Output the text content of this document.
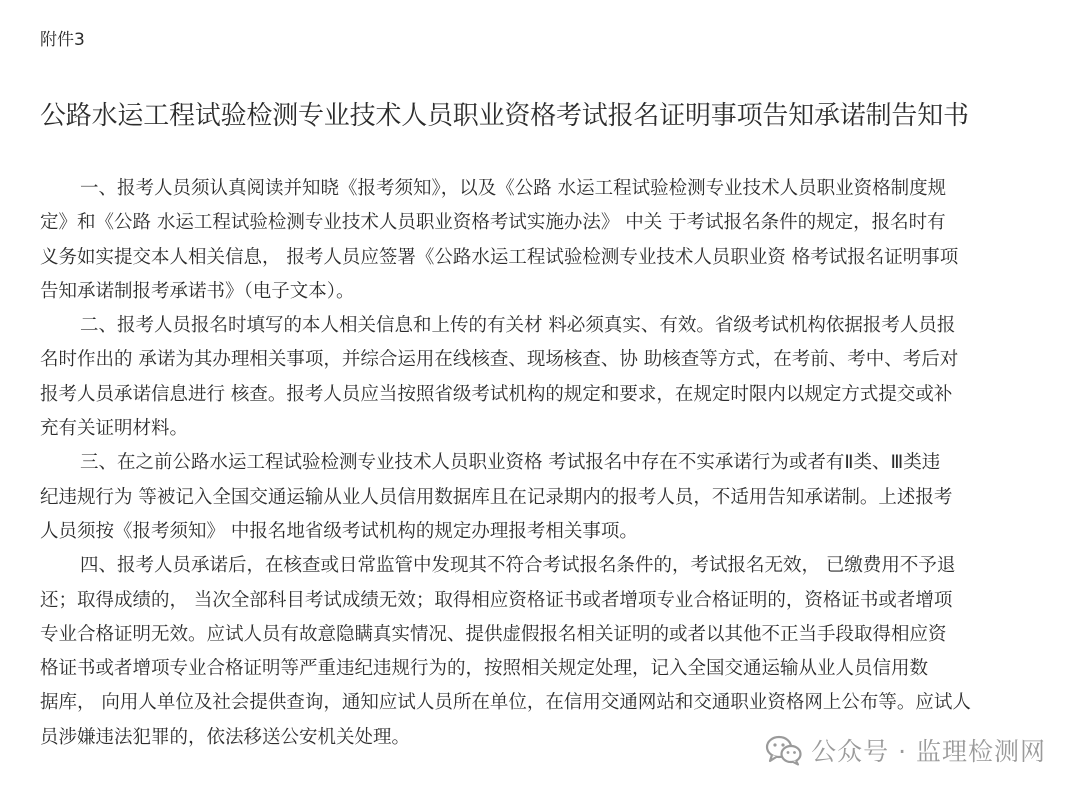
附件3
公路水运工程试验检测专业技术人员职业资格考试报名证明事项告知承诺制告知书
一、报考人员须认真阅读并知晓《报考须知》，以及《公路 水运工程试验检测专业技术人员职业资格制度规
定》和《公路 水运工程试验检测专业技术人员职业资格考试实施办法》 中关 于考试报名条件的规定，报名时有
义务如实提交本人相关信息， 报考人员应签署《公路水运工程试验检测专业技术人员职业资 格考试报名证明事项
告知承诺制报考承诺书》（电子文本）。
二、报考人员报名时填写的本人相关信息和上传的有关材 料必须真实、有效。省级考试机构依据报考人员报
名时作出的 承诺为其办理相关事项，并综合运用在线核查、现场核查、协 助核查等方式，在考前、考中、考后对
报考人员承诺信息进行 核查。报考人员应当按照省级考试机构的规定和要求，在规定时限内以规定方式提交或补
充有关证明材料。
三、在之前公路水运工程试验检测专业技术人员职业资格 考试报名中存在不实承诺行为或者有Ⅱ类、Ⅲ类违
纪违规行为 等被记入全国交通运输从业人员信用数据库且在记录期内的报考人员，不适用告知承诺制。上述报考
人员须按《报考须知》 中报名地省级考试机构的规定办理报考相关事项。
四、报考人员承诺后，在核查或日常监管中发现其不符合考试报名条件的，考试报名无效， 已缴费用不予退
还；取得成绩的， 当次全部科目考试成绩无效；取得相应资格证书或者增项专业合格证明的，资格证书或者增项
专业合格证明无效。应试人员有故意隐瞒真实情况、提供虚假报名相关证明的或者以其他不正当手段取得相应资
格证书或者增项专业合格证明等严重违纪违规行为的，按照相关规定处理，记入全国交通运输从业人员信用数
据库， 向用人单位及社会提供查询，通知应试人员所在单位，在信用交通网站和交通职业资格网上公布等。应试人
员涉嫌违法犯罪的，依法移送公安机关处理。	公众号 · 监理检测网
